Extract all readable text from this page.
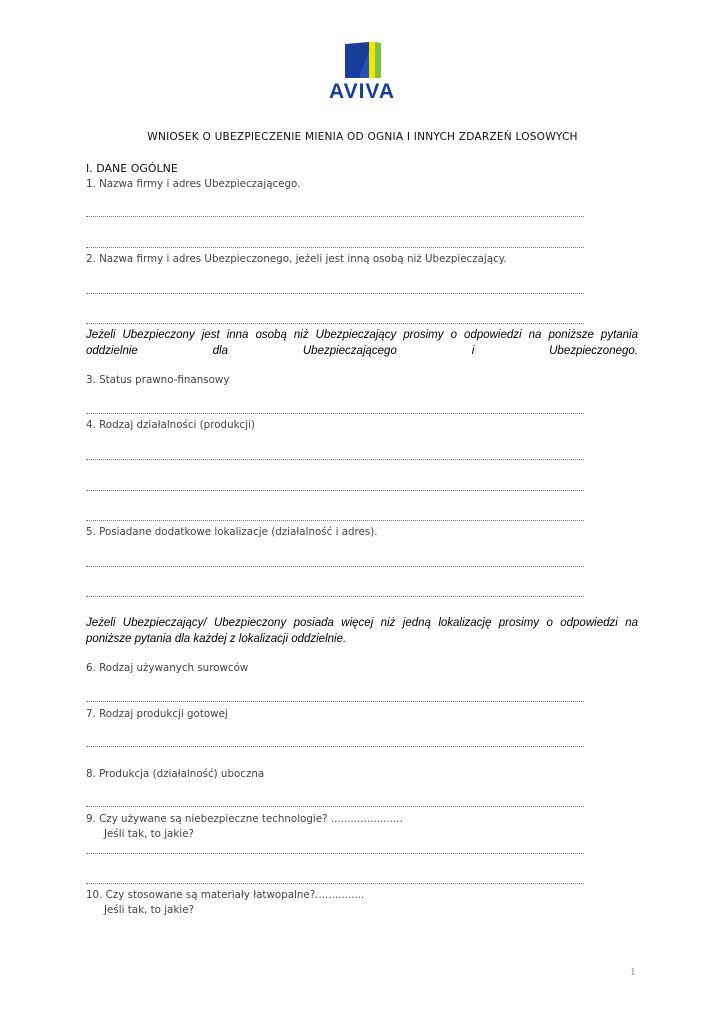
AVIVA
WNIOSEK O UBEZPIECZENIE MIENIA OD OGNIA I INNYCH ZDARZEŃ LOSOWYCH
I. DANE OGÓLNE
1. Nazwa firmy i adres Ubezpieczającego.
2. Nazwa firmy i adres Ubezpieczonego, jeżeli jest inną osobą niż Ubezpieczający.
Jeżeli Ubezpieczony jest inna osobą niż Ubezpieczający prosimy o odpowiedzi na poniższe pytania oddzielnie dla Ubezpieczającego i Ubezpieczonego.
3. Status prawno-finansowy
4. Rodzaj działalności (produkcji)
5. Posiadane dodatkowe lokalizacje (działalność i adres).
Jeżeli Ubezpieczający/ Ubezpieczony posiada więcej niż jedną lokalizację prosimy o odpowiedzi na
poniższe pytania dla każdej z lokalizacji oddzielnie.
6. Rodzaj używanych surowców
7. Rodzaj produkcji gotowej
8. Produkcja (działalność) uboczna
9. Czy używane są niebezpieczne technologie? ......................
Jeśli tak, to jakie?
10. Czy stosowane są materiały łatwopalne?...............
Jeśli tak, to jakie?
1
